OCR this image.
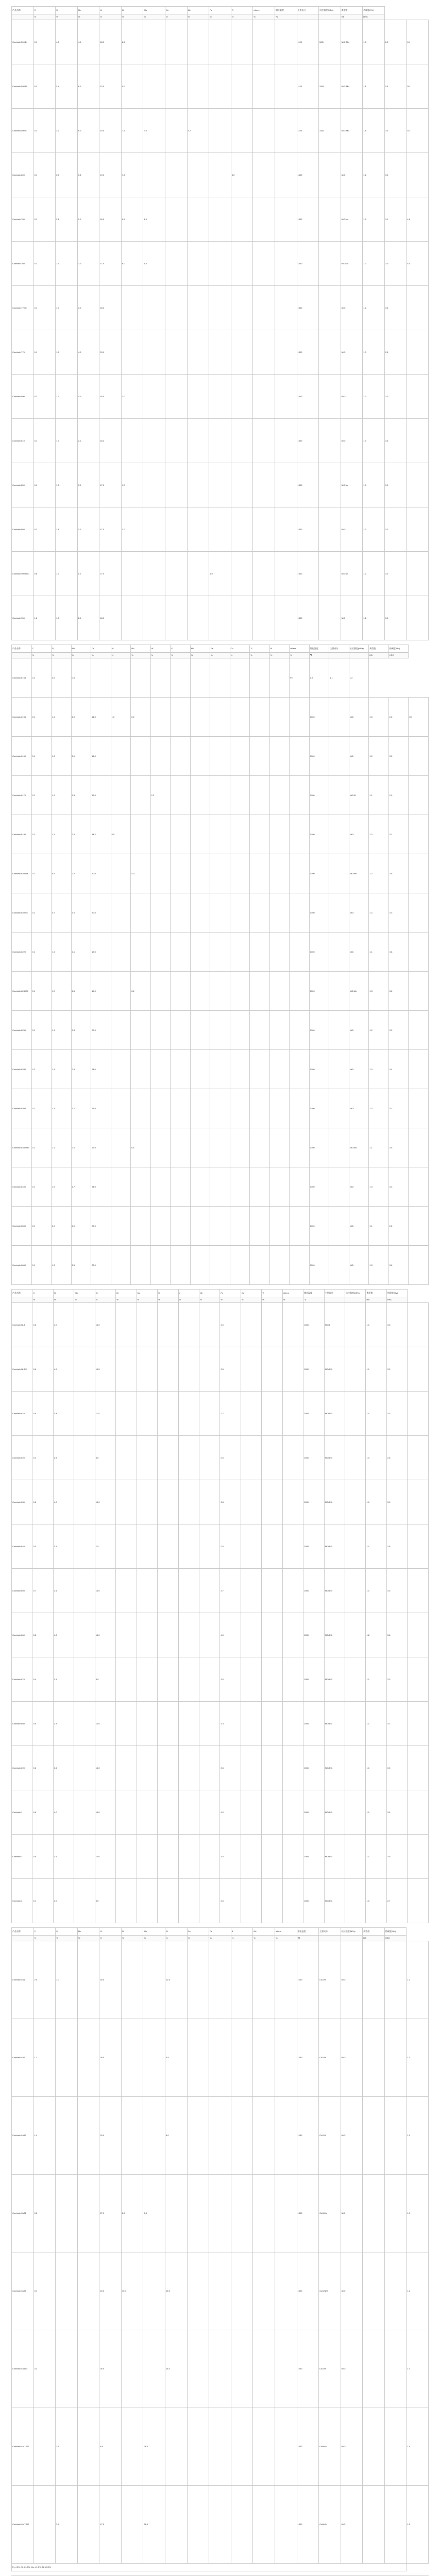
产品名称	C	Si	Mn	Cr	Ni	Mo	Cu	Nb	Fe	Ti	others	熔化温度	主要成分	抗拉强度(MPa)	典型值	热硬度(HV)		
	%	%	%	%	%	%	%	%	%	%	%	℃			HB	HRC		
Combalo 500 B	0.1	4.5	4.0	18.0	8.5								1120	50Cr	NiCr-Mo	1.0	2.3	13
Combalo 500 N	0.1	2.4	6.0	12.0	9.0								1120	316L	NiCr-Mo	1.1	2.6	20
Combalo 500 S	0.1	3.3	6.0	15.0	7.5	3.0		0.2					1100	316L	NiCr-Mo	1.6	3.3	16
Combalo 600	0.1	0.5	0.8	19.0	7.5					8.0			1400		NiCr	1.2	3.3	
Combalo 700	0.1	2.1	1.0	18.0	5.6	1.0							1300		NiCrMo	1.2	3.2	4.6
Combalo 760	0.1	1.5	3.0	17.0	6.0	1.0							1300		NiCrMo	1.3	3.0	4.0
Combalo 770 C	0.1	1.7	3.0	18.0									1300		NiCr	1.2	3.6	
Combalo 776	0.1	1.8	4.0	20.0									1300		NiCr	1.3	2.8	
Combalo 800	0.1	1.7	4.0	18.0	2.0								1300		NiCr	1.3	3.0	
Combalo 810	0.1	1.7	2.1	18.4									1300		NiCr	1.3	3.6	
Combalo 850	0.1	1.5	3.0	17.0	1.0								1300		NiCrMo	1.3	3.0	
Combalo 860	0.1	1.8	2.0	17.0	1.0								1300		NiCr	1.3	3.2	
Combalo 900 NbC	0.6	1.7	0.2	17.0					1.9				1300		NiCrNb	1.2	3.3	
Combalo 950	1.6	1.8	2.0	18.0									1300		NiCr	1.2	3.0	
产品名称	C	Si	Mn	Cr	Ni	Mo	W	V	Nb	Fe	Co	Ti	Al	others	熔化温度	主要成分	抗拉强度(MPa)	典型值	热硬度(HV)	
	%	%	%	%	%	%	%	%	%	%	%	%	%	%	℃			HB	HRC	
Combalo 6153	0.1	0.5	0.5											Fe	1.2	1.1	1.2			
Combalo 6155	0.1	1.4	2.0	14.0	1.0	2.2									1300		NiCr	1.5	2.6	23
Combalo 6160	0.1	1.2	2.1	16.0											1300		NiCr	1.2	3.3	
Combalo 6170	0.1	1.3	2.8	12.0			2.2								1300		NiCrW	1.1	2.9	
Combalo 6180	0.1	1.1	2.4	14.2	6.5										1300		NiCr	1.3	3.1	
Combalo 6200 M	0.1	0.9	2.0	20.0		4.0									1300		NiCrMo	1.2	3.5	
Combalo 6200 S	0.1	0.7	3.0	20.0											1300		NiCr	1.2	3.3	
Combalo 6220	0.1	1.4	2.1	19.0											1300		NiCr	1.1	3.8	
Combalo 6240 M	0.1	1.0	2.6	19.0		6.2									1300		NiCrMo	1.3	3.6	
Combalo 6250	0.1	1.1	2.4	20.0											1300		NiCr	1.2	3.3	
Combalo 6280	0.1	1.4	2.9	24.0											1300		NiCr	1.3	3.4	
Combalo 6300	0.1	1.4	3.1	27.0											1300		NiCr	1.3	3.2	
Combalo 6350 Mo	0.1	1.1	2.0	22.0		6.4									1300		NiCrMo	1.1	3.5	
Combalo 6400	0.1	1.6	1.7	24.0											1300		NiCr	1.3	3.3	
Combalo 6500	0.1	2.0	2.0	20.0											1300		NiCr	1.1	2.8	
Combalo 6600	0.1	1.2	2.5	22.0											1300		NiCr	1.3	3.6	
产品名称	C	Si	Mn	Cr	Ni	Mo	W	V	Nb	Fe	Co	Ti	others	熔化温度	主要成分	抗拉强度(MPa)	典型值	热硬度(HV)	
	%	%	%	%	%	%	%	%	%	%	%	%	%	℃			HB	HRC	
Combalo NI-B	0.6	4.0		16.0						4.0				1050	NiCrB		1.1	3.5	
Combalo NI-BS	0.6	4.2		14.5						3.5				1050	NiCrBSi		1.1	3.2	
Combalo 610	0.5	3.4		11.0						2.7				1050	NiCrBSi		1.0	3.3	
Combalo 620	0.4	3.8		8.0						2.5				1050	NiCrBSi		1.0	2.8	
Combalo 630	0.8	4.0		15.0						3.8				1050	NiCrBSi		1.0	3.0	
Combalo 640	0.3	3.1		7.5						2.5				1050	NiCrBSi		1.1	2.8	
Combalo 650	0.7	4.1		14.0						3.7				1050	NiCrBSi		1.1	3.3	
Combalo 660	0.8	4.2		16.0						4.0				1050	NiCrBSi		1.2	3.6	
Combalo 670	0.4	3.1		8.5						3.0				1050	NiCrBSi		1.1	3.3	
Combalo 680	0.5	3.3		12.0						3.3				1050	NiCrBSi		1.1	3.1	
Combalo 690	0.6	3.6		14.0						3.5				1050	NiCrBSi		1.1	3.0	
Combalo 1	0.6	4.0		15.0						4.0				1050	NiCrBSi		1.1	3.4	
Combalo 2	0.5	3.5		12.0						3.0				1050	NiCrBSi		1.1	3.5	
Combalo 3	0.4	3.0		8.0						2.5				1050	NiCrBSi		1.0	2.7	
产品名称	C	Si	Mn	Cr	Ni	Mo	W	Co	Fe	B	Nb	others	熔化温度	主要成分	抗拉强度(MPa)	典型值	热硬度(HV)	
	%	%	%	%	%	%	%	%	%	%	%	%	℃			HB	HRC	
Combalo Co1	2.5	1.0		30.0			12.5						1200	CoCrW	NiCr			1.1
Combalo Co6	1.1			28.0			4.5						1250	CoCrW	NiCr			1.1
Combalo Co12	1.4			29.0			8.0						1250	CoCrW	NiCr			1.2
Combalo Co21	0.2			27.0	2.5	5.5							1300	CoCrMo	NiCr			1.1
Combalo Co25	0.1			20.0	10.0		15.0						1300	CoCrNiW	NiCr			1.2
Combalo Co190	3.2			26.0			14.0						1250	CoCrW	NiCr			1.3
Combalo Co T400		2.5		8.5		28.0							1300	CoMoCr	NiCr			1.4
Combalo Co T800		3.4		17.5		28.0							1300	CoMoCr	NiCr			1.5
Fe ≤ 3%, Si ≤ 1.5%, Mn ≤ 1.0%, Ni ≤ 3.0%																		
